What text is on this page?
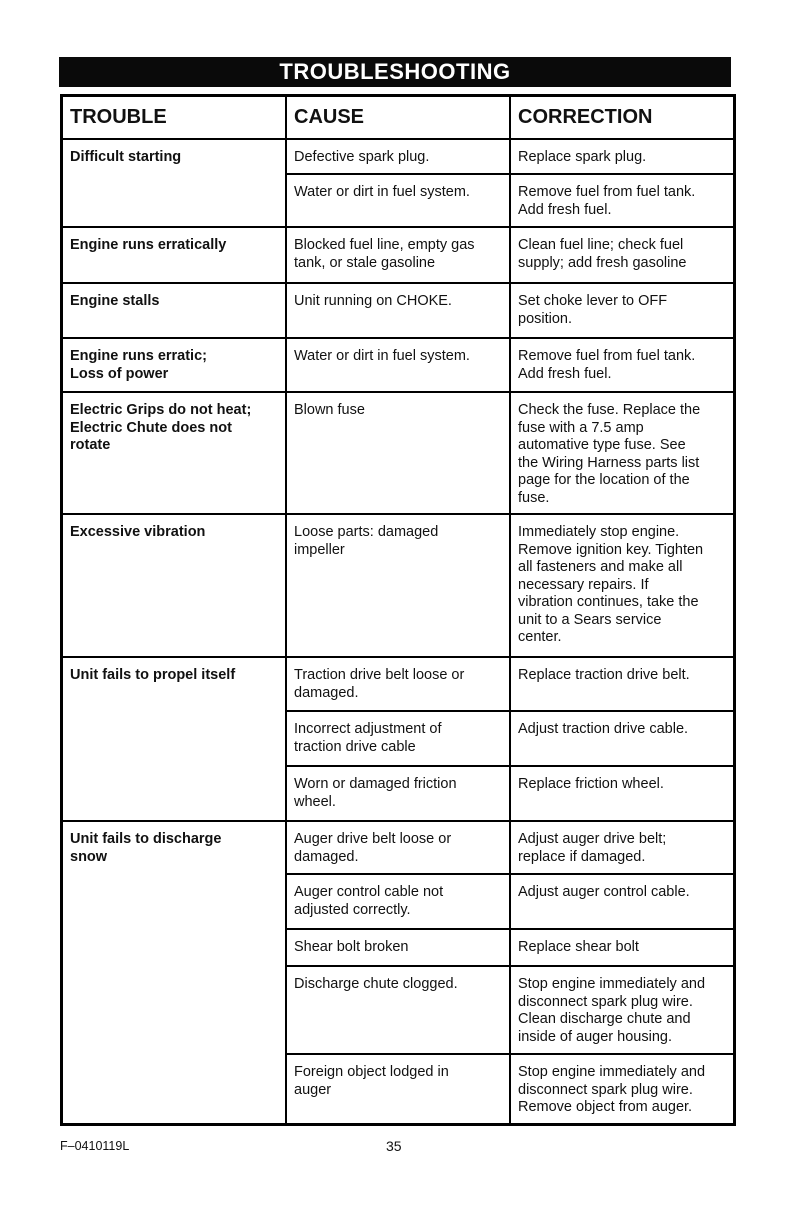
TROUBLESHOOTING
TROUBLE
Difficult starting
Engine runs erratically
Engine stalls
Engine runs erratic;
Loss of power
Electric Grips do not heat;
Electric Chute does not
rotate
Excessive vibration
Unit fails to propel itself
Unit fails to discharge
snow
CAUSE
Defective spark plug.
Water or dirt in fuel system.
Blocked fuel line, empty gas
tank, or stale gasoline
Unit running on CHOKE.
Water or dirt in fuel system.
Blown fuse
Loose parts: damaged
impeller
Traction drive belt loose or
damaged.
Incorrect adjustment of
traction drive cable
Worn or damaged friction
wheel.
Auger drive belt loose or
damaged.
Auger control cable not
adjusted correctly.
Shear bolt broken
Discharge chute clogged.
Foreign object lodged in
auger
CORRECTION
Replace spark plug.
Remove fuel from fuel tank.
Add fresh fuel.
Clean fuel line; check fuel
supply; add fresh gasoline
Set choke lever to OFF
position.
Remove fuel from fuel tank.
Add fresh fuel.
Check the fuse. Replace the
fuse with a 7.5 amp
automative type fuse. See
the Wiring Harness parts list
page for the location of the
fuse.
Immediately stop engine.
Remove ignition key. Tighten
all fasteners and make all
necessary repairs. If
vibration continues, take the
unit to a Sears service
center.
Replace traction drive belt.
Adjust traction drive cable.
Replace friction wheel.
Adjust auger drive belt;
replace if damaged.
Adjust auger control cable.
Replace shear bolt
Stop engine immediately and
disconnect spark plug wire.
Clean discharge chute and
inside of auger housing.
Stop engine immediately and
disconnect spark plug wire.
Remove object from auger.
F–0410119L	35
